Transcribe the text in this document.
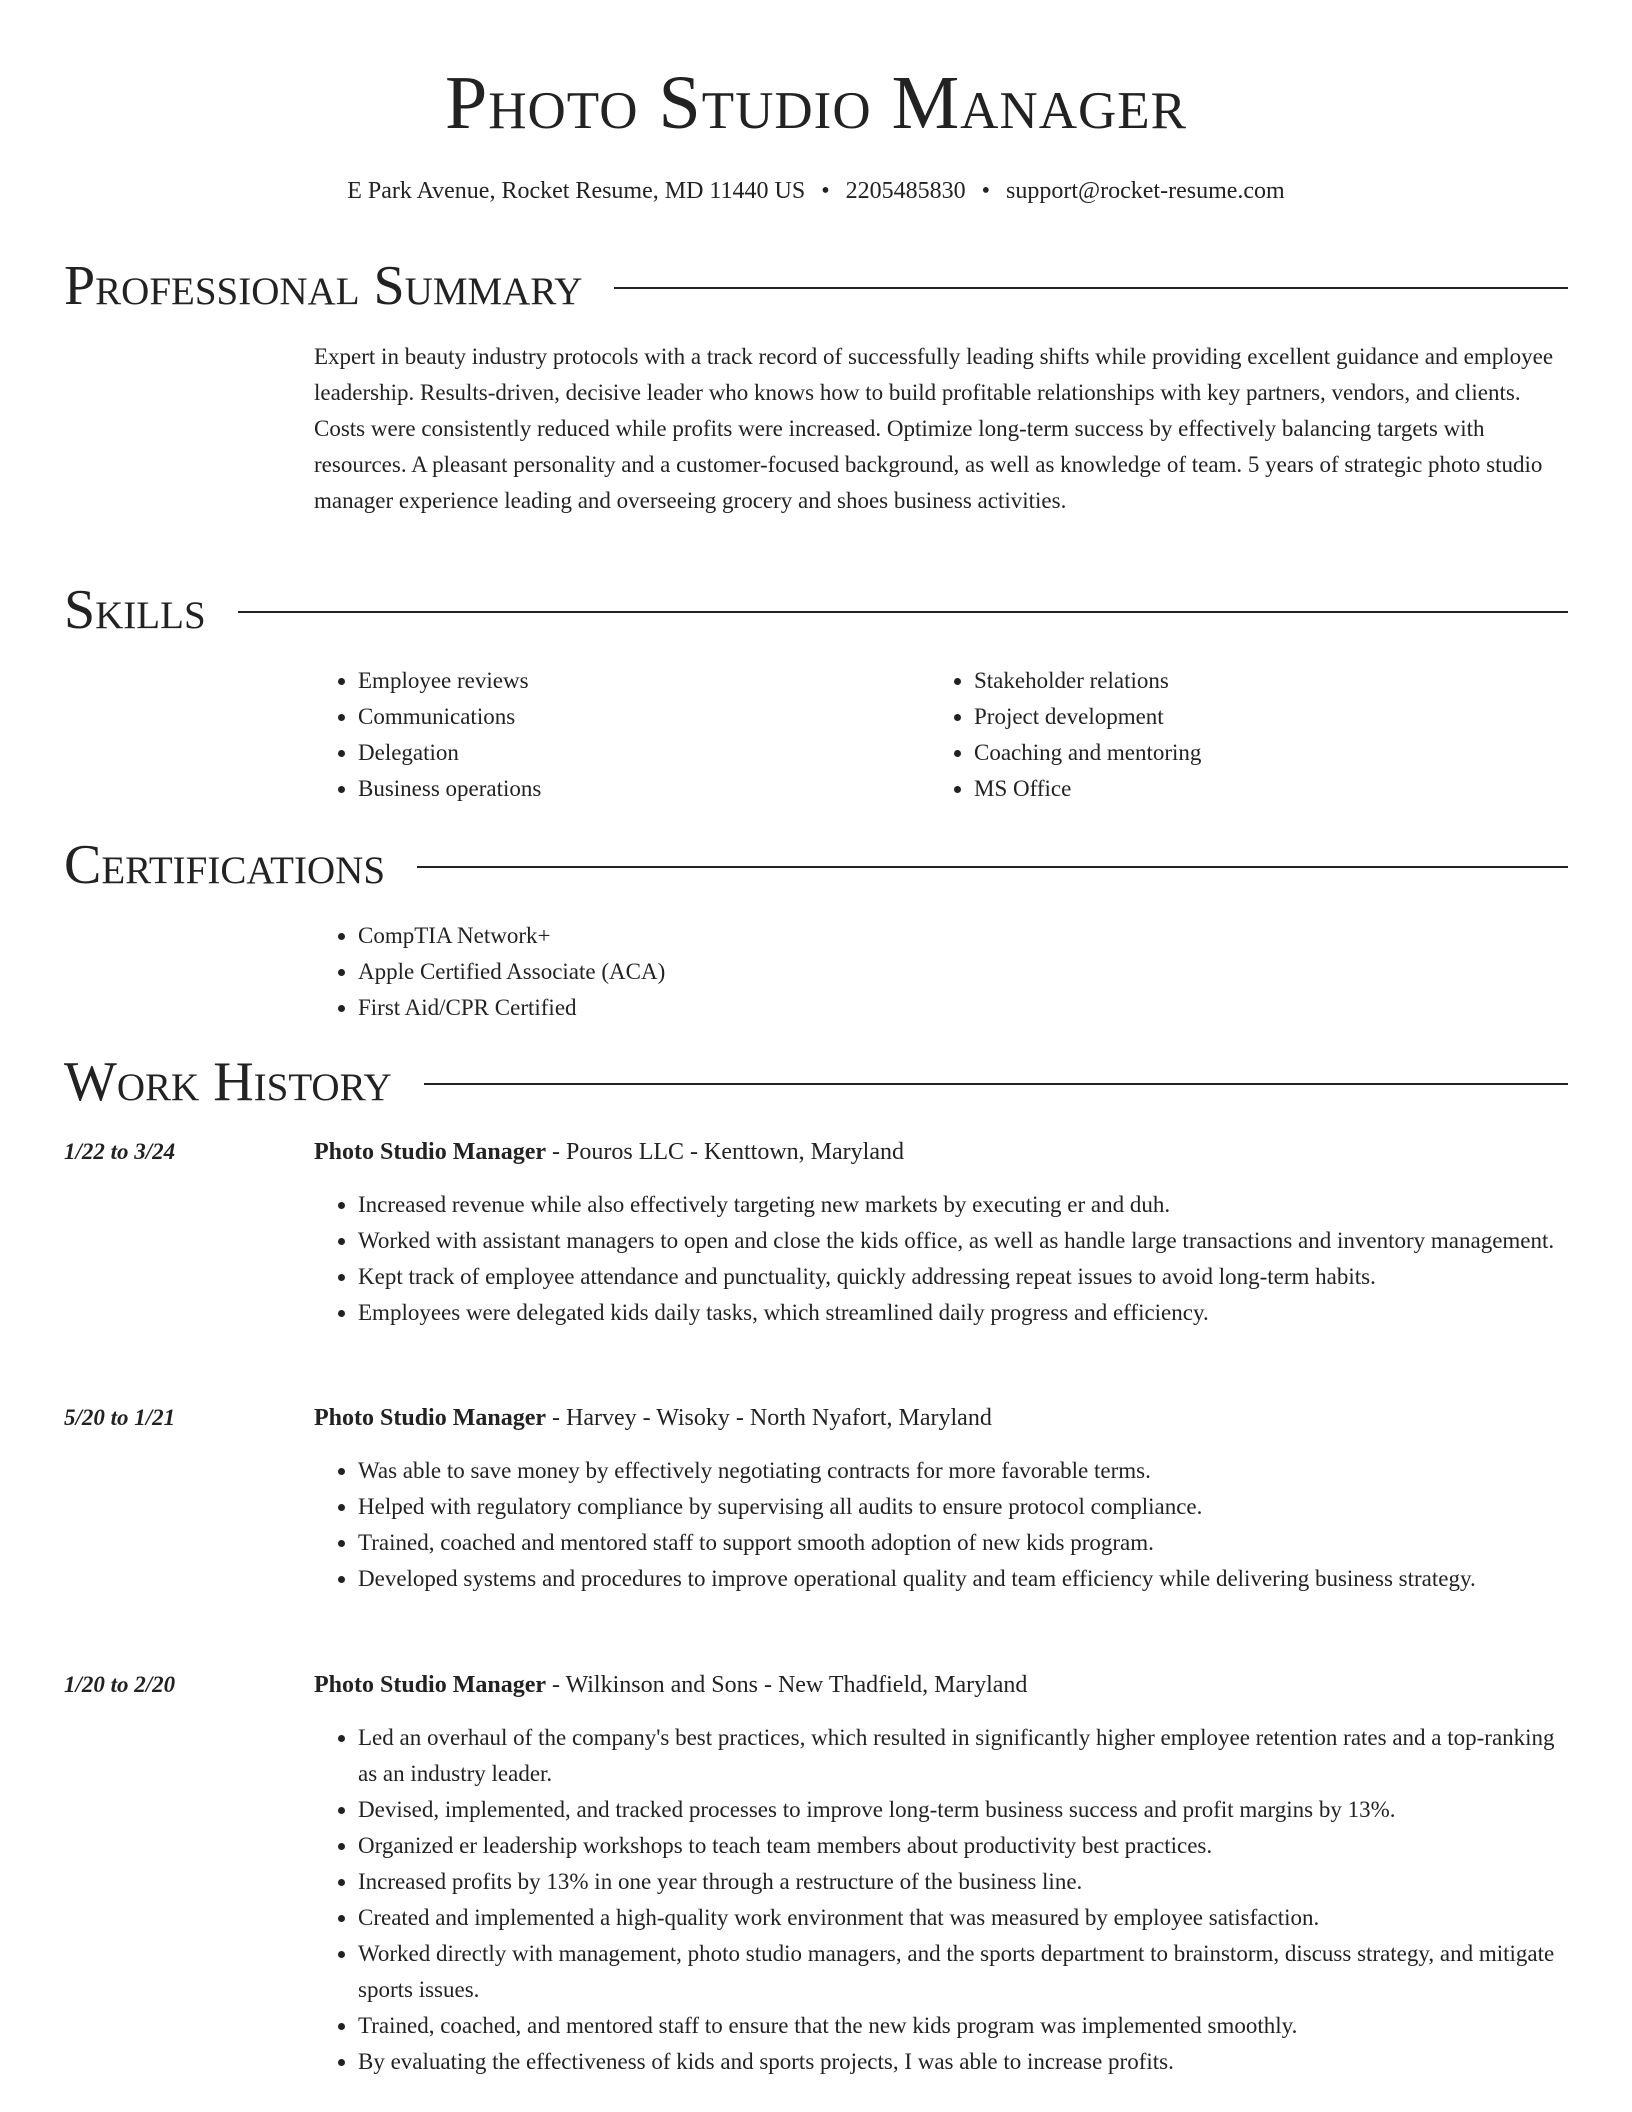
Photo Studio Manager
E Park Avenue, Rocket Resume, MD 11440 US • 2205485830 • support@rocket-resume.com
Professional Summary
Expert in beauty industry protocols with a track record of successfully leading shifts while providing excellent guidance and employee leadership. Results-driven, decisive leader who knows how to build profitable relationships with key partners, vendors, and clients. Costs were consistently reduced while profits were increased. Optimize long-term success by effectively balancing targets with resources. A pleasant personality and a customer-focused background, as well as knowledge of team. 5 years of strategic photo studio manager experience leading and overseeing grocery and shoes business activities.
Skills
• Employee reviews
• Communications
• Delegation
• Business operations
• Stakeholder relations
• Project development
• Coaching and mentoring
• MS Office
Certifications
• CompTIA Network+
• Apple Certified Associate (ACA)
• First Aid/CPR Certified
Work History
1/22 to 3/24	Photo Studio Manager - Pouros LLC - Kenttown, Maryland
• Increased revenue while also effectively targeting new markets by executing er and duh.
• Worked with assistant managers to open and close the kids office, as well as handle large transactions and inventory management.
• Kept track of employee attendance and punctuality, quickly addressing repeat issues to avoid long-term habits.
• Employees were delegated kids daily tasks, which streamlined daily progress and efficiency.
5/20 to 1/21	Photo Studio Manager - Harvey - Wisoky - North Nyafort, Maryland
• Was able to save money by effectively negotiating contracts for more favorable terms.
• Helped with regulatory compliance by supervising all audits to ensure protocol compliance.
• Trained, coached and mentored staff to support smooth adoption of new kids program.
• Developed systems and procedures to improve operational quality and team efficiency while delivering business strategy.
1/20 to 2/20	Photo Studio Manager - Wilkinson and Sons - New Thadfield, Maryland
• Led an overhaul of the company's best practices, which resulted in significantly higher employee retention rates and a top-ranking as an industry leader.
• Devised, implemented, and tracked processes to improve long-term business success and profit margins by 13%.
• Organized er leadership workshops to teach team members about productivity best practices.
• Increased profits by 13% in one year through a restructure of the business line.
• Created and implemented a high-quality work environment that was measured by employee satisfaction.
• Worked directly with management, photo studio managers, and the sports department to brainstorm, discuss strategy, and mitigate sports issues.
• Trained, coached, and mentored staff to ensure that the new kids program was implemented smoothly.
• By evaluating the effectiveness of kids and sports projects, I was able to increase profits.
